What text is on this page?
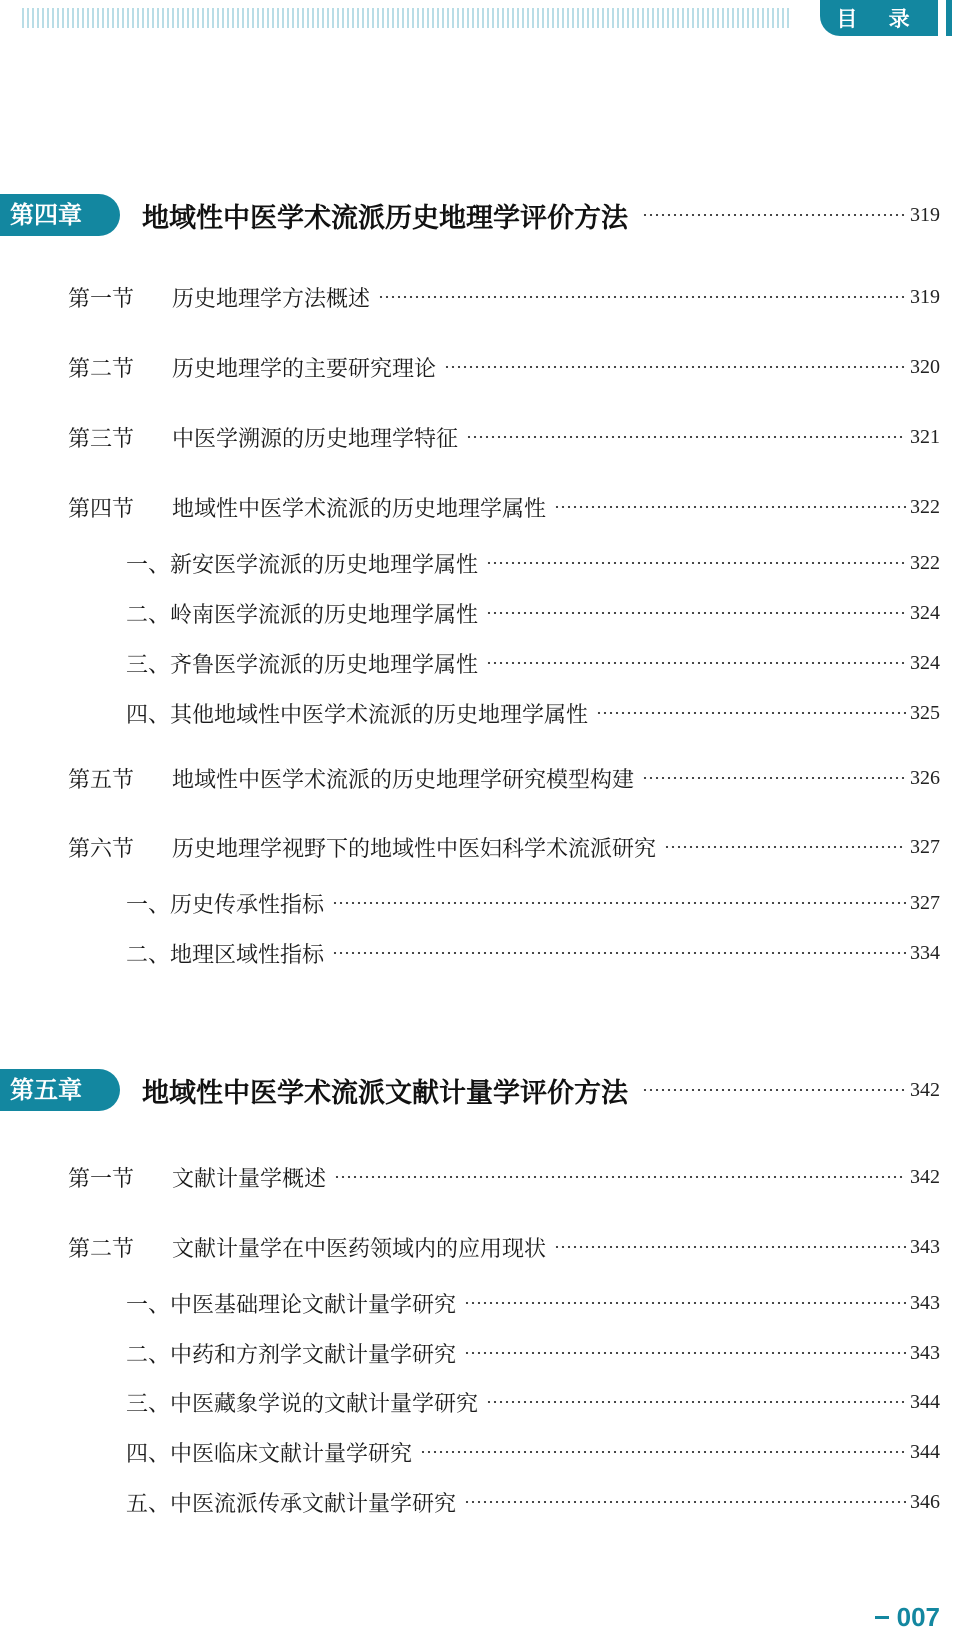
目 录
第四章	地域性中医学术流派历史地理学评价方法	319
第一节	历史地理学方法概述	319
第二节	历史地理学的主要研究理论	320
第三节	中医学溯源的历史地理学特征	321
第四节	地域性中医学术流派的历史地理学属性	322
一、新安医学流派的历史地理学属性	322
二、岭南医学流派的历史地理学属性	324
三、齐鲁医学流派的历史地理学属性	324
四、其他地域性中医学术流派的历史地理学属性	325
第五节	地域性中医学术流派的历史地理学研究模型构建	326
第六节	历史地理学视野下的地域性中医妇科学术流派研究	327
一、历史传承性指标	327
二、地理区域性指标	334
第五章	地域性中医学术流派文献计量学评价方法	342
第一节	文献计量学概述	342
第二节	文献计量学在中医药领域内的应用现状	343
一、中医基础理论文献计量学研究	343
二、中药和方剂学文献计量学研究	343
三、中医藏象学说的文献计量学研究	344
四、中医临床文献计量学研究	344
五、中医流派传承文献计量学研究	346
007
